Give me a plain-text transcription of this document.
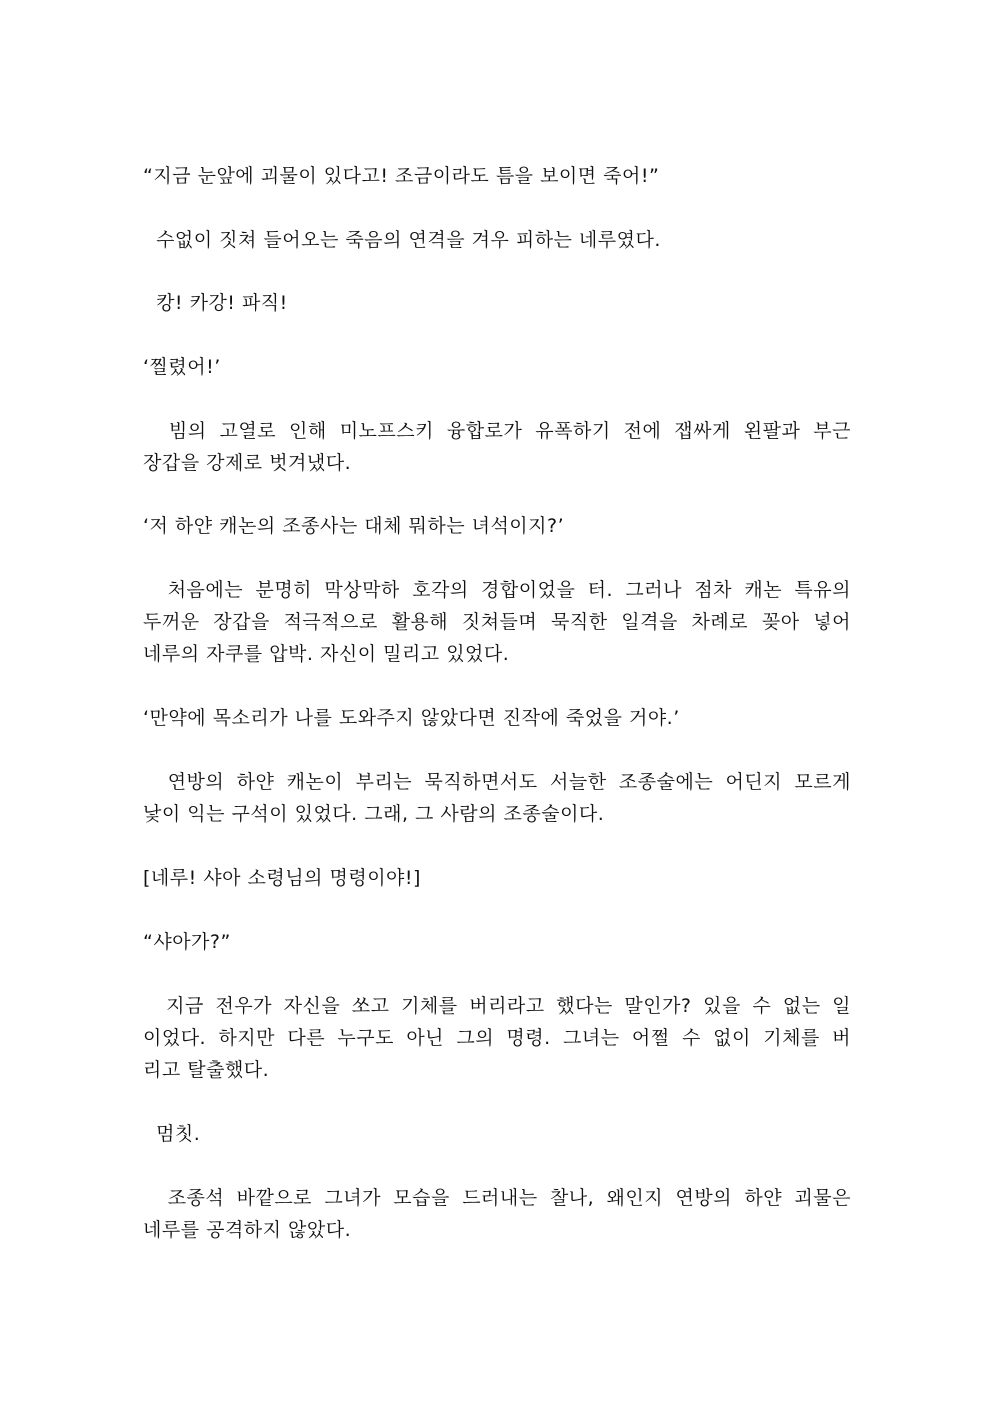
“지금 눈앞에 괴물이 있다고! 조금이라도 틈을 보이면 죽어!”

수없이 짓쳐 들어오는 죽음의 연격을 겨우 피하는 네루였다.

캉! 카강! 파직!

‘찔렸어!’

빔의 고열로 인해 미노프스키 융합로가 유폭하기 전에 잽싸게 왼팔과 부근
장갑을 강제로 벗겨냈다.

‘저 하얀 캐논의 조종사는 대체 뭐하는 녀석이지?’

처음에는 분명히 막상막하 호각의 경합이었을 터. 그러나 점차 캐논 특유의
두꺼운 장갑을 적극적으로 활용해 짓쳐들며 묵직한 일격을 차례로 꽂아 넣어
네루의 자쿠를 압박. 자신이 밀리고 있었다.

‘만약에 목소리가 나를 도와주지 않았다면 진작에 죽었을 거야.’

연방의 하얀 캐논이 부리는 묵직하면서도 서늘한 조종술에는 어딘지 모르게
낯이 익는 구석이 있었다. 그래, 그 사람의 조종술이다.

[네루! 샤아 소령님의 명령이야!]

“샤아가?”

지금 전우가 자신을 쏘고 기체를 버리라고 했다는 말인가? 있을 수 없는 일
이었다. 하지만 다른 누구도 아닌 그의 명령. 그녀는 어쩔 수 없이 기체를 버
리고 탈출했다.

멈칫.

조종석 바깥으로 그녀가 모습을 드러내는 찰나, 왜인지 연방의 하얀 괴물은
네루를 공격하지 않았다.
